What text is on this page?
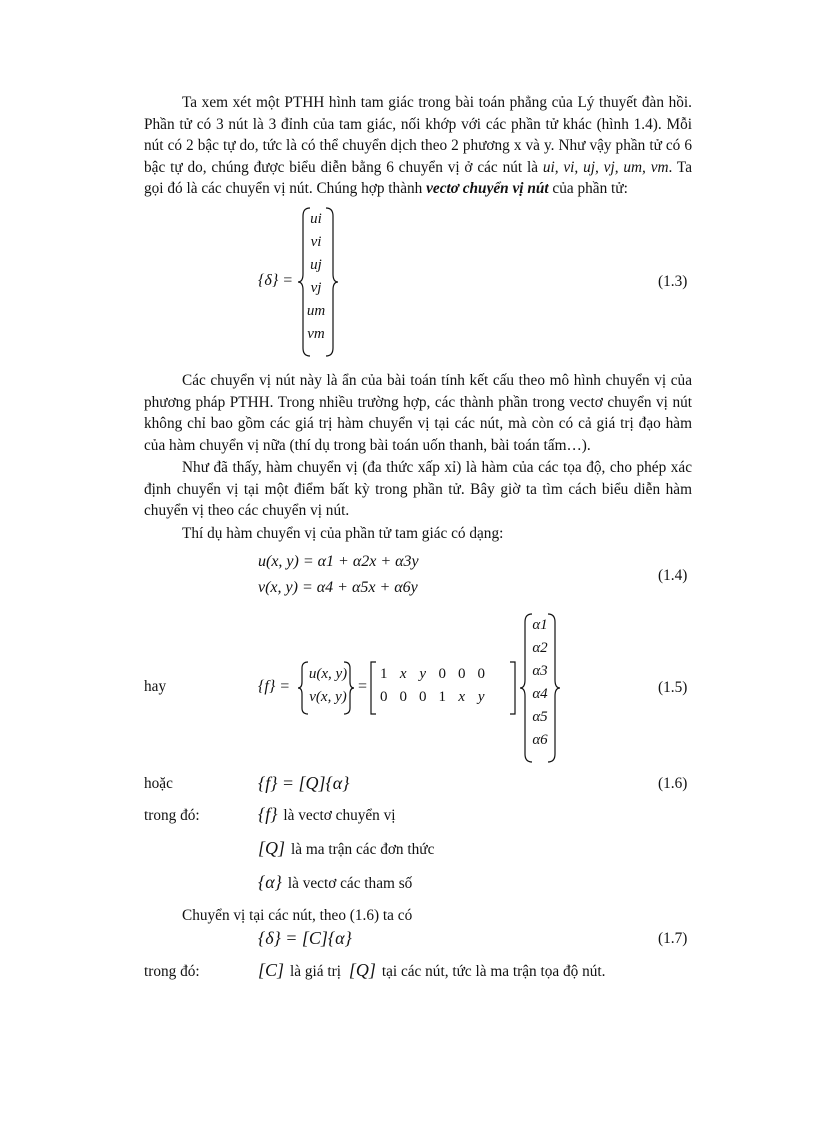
Ta xem xét một PTHH hình tam giác trong bài toán phẳng của Lý thuyết đàn hồi. Phần tử có 3 nút là 3 đỉnh của tam giác, nối khớp với các phần tử khác (hình 1.4). Mỗi nút có 2 bậc tự do, tức là có thể chuyển dịch theo 2 phương x và y. Như vậy phần tử có 6 bậc tự do, chúng được biểu diễn bằng 6 chuyển vị ở các nút là ui, vi, uj, vj, um, vm. Ta gọi đó là các chuyển vị nút. Chúng hợp thành vectơ chuyển vị nút của phần tử:

{δ} =
ui
vi
uj
vj
um
vm
(1.3)

Các chuyển vị nút này là ẩn của bài toán tính kết cấu theo mô hình chuyển vị của phương pháp PTHH. Trong nhiều trường hợp, các thành phần trong vectơ chuyển vị nút không chỉ bao gồm các giá trị hàm chuyển vị tại các nút, mà còn có cả giá trị đạo hàm của hàm chuyển vị nữa (thí dụ trong bài toán uốn thanh, bài toán tấm…).

Như đã thấy, hàm chuyển vị (đa thức xấp xỉ) là hàm của các tọa độ, cho phép xác định chuyển vị tại một điểm bất kỳ trong phần tử. Bây giờ ta tìm cách biểu diễn hàm chuyển vị theo các chuyển vị nút.

Thí dụ hàm chuyển vị của phần tử tam giác có dạng:

u(x, y) = α1 + α2x + α3y
v(x, y) = α4 + α5x + α6y
(1.4)
hay	{f} =
u(x, y)
v(x, y)
=
1	x	y	0	0	0
0	0	0	1	x	y
α1
α2
α3
α4
α5
α6
(1.5)
hoặc	{f} = [Q]{α}	(1.6)
trong đó:	{f} là vectơ chuyển vị
[Q] là ma trận các đơn thức
{α} là vectơ các tham số

Chuyển vị tại các nút, theo (1.6) ta có

{δ} = [C]{α}	(1.7)
trong đó:	[C] là giá trị [Q] tại các nút, tức là ma trận tọa độ nút.
